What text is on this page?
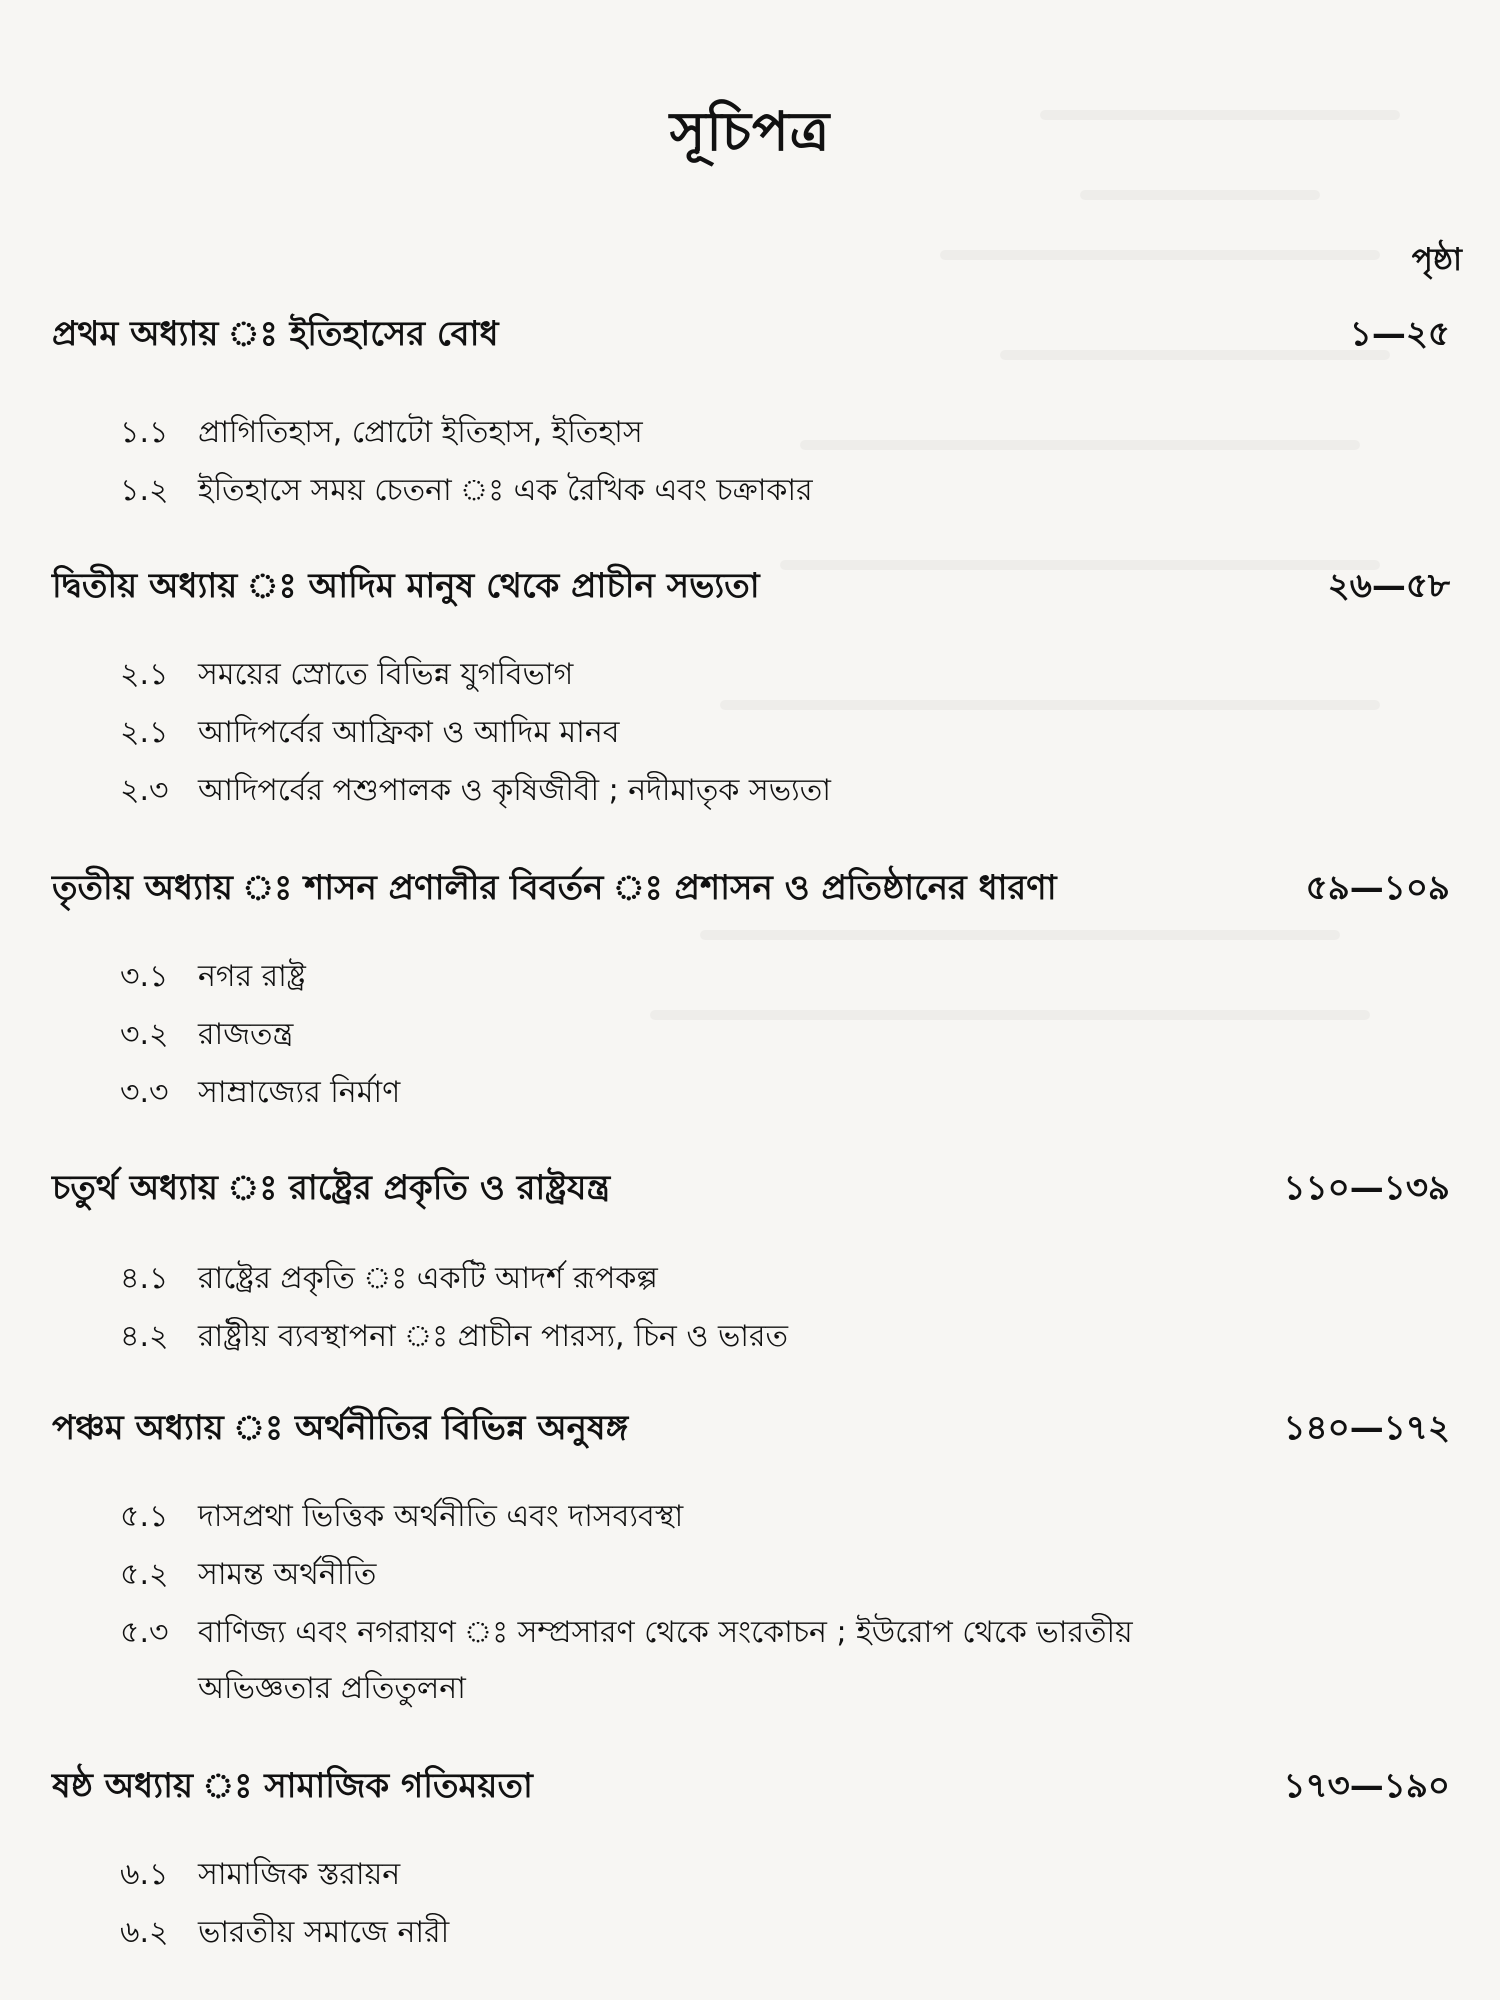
সূচিপত্র
পৃষ্ঠা
প্রথম অধ্যায় ঃ ইতিহাসের বোধ	১—২৫
১.১ প্রাগিতিহাস, প্রোটো ইতিহাস, ইতিহাস
১.২ ইতিহাসে সময় চেতনা ঃ এক রৈখিক এবং চক্রাকার
দ্বিতীয় অধ্যায় ঃ আদিম মানুষ থেকে প্রাচীন সভ্যতা	২৬—৫৮
২.১ সময়ের স্রোতে বিভিন্ন যুগবিভাগ
২.১ আদিপর্বের আফ্রিকা ও আদিম মানব
২.৩ আদিপর্বের পশুপালক ও কৃষিজীবী ; নদীমাতৃক সভ্যতা
তৃতীয় অধ্যায় ঃ শাসন প্রণালীর বিবর্তন ঃ প্রশাসন ও প্রতিষ্ঠানের ধারণা	৫৯—১০৯
৩.১ নগর রাষ্ট্র
৩.২ রাজতন্ত্র
৩.৩ সাম্রাজ্যের নির্মাণ
চতুর্থ অধ্যায় ঃ রাষ্ট্রের প্রকৃতি ও রাষ্ট্রযন্ত্র	১১০—১৩৯
৪.১ রাষ্ট্রের প্রকৃতি ঃ একটি আদর্শ রূপকল্প
৪.২ রাষ্ট্রীয় ব্যবস্থাপনা ঃ প্রাচীন পারস্য, চিন ও ভারত
পঞ্চম অধ্যায় ঃ অর্থনীতির বিভিন্ন অনুষঙ্গ	১৪০—১৭২
৫.১ দাসপ্রথা ভিত্তিক অর্থনীতি এবং দাসব্যবস্থা
৫.২ সামন্ত অর্থনীতি
৫.৩ বাণিজ্য এবং নগরায়ণ ঃ সম্প্রসারণ থেকে সংকোচন ; ইউরোপ থেকে ভারতীয়
অভিজ্ঞতার প্রতিতুলনা
ষষ্ঠ অধ্যায় ঃ সামাজিক গতিময়তা	১৭৩—১৯০
৬.১ সামাজিক স্তরায়ন
৬.২ ভারতীয় সমাজে নারী
